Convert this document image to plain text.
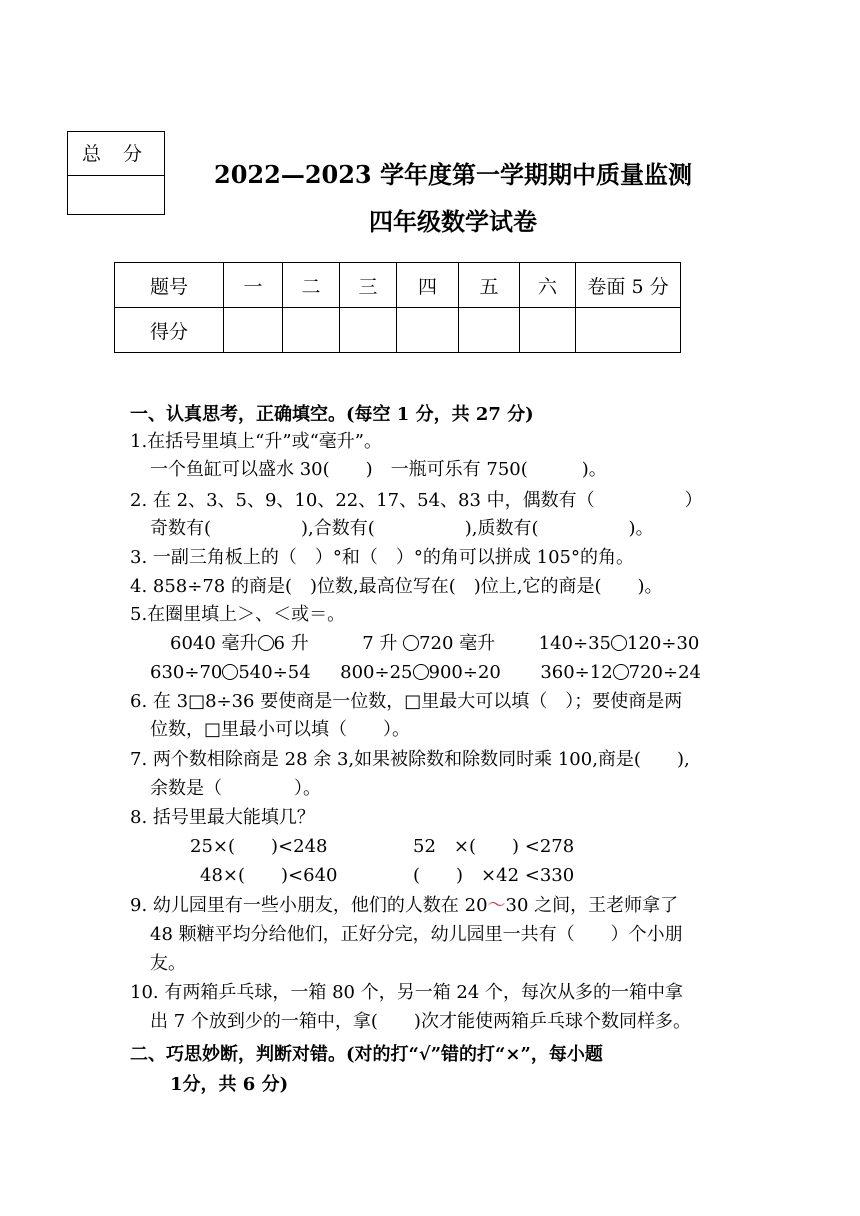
总 分
2022—2023 学年度第一学期期中质量监测
四年级数学试卷
题号	一	二	三	四	五	六	卷面 5 分
得分							
一、认真思考，正确填空。(每空 1 分，共 27 分)
1.在括号里填上“升”或“毫升”。
一个鱼缸可以盛水 30(　　)　一瓶可乐有 750(　　　)。
2. 在 2、3、5、9、10、22、17、54、83 中，偶数有（　　　　　）
奇数有(　　　　　),合数有(　　　　　),质数有(　　　　　)。
3. 一副三角板上的（　）°和（　）°的角可以拼成 105°的角。
4. 858÷78 的商是(　)位数,最高位写在(　)位上,它的商是(　　)。
5.在圈里填上＞、＜或＝。
6040 毫升 6 升	7 升 720 毫升 140÷35 120÷30
630÷70 540÷54 800÷25 900÷20 360÷12 720÷24
6. 在 3□8÷36 要使商是一位数，□里最大可以填（　）；要使商是两
位数，□里最小可以填（　　）。
7. 两个数相除商是 28 余 3,如果被除数和除数同时乘 100,商是(　　),
余数是（　　　　）。
8. 括号里最大能填几？
25×(　　)<248	52　×(　　) <278
48×(　　)<640	(　　)　×42 <330
9. 幼儿园里有一些小朋友，他们的人数在 20～30 之间，王老师拿了
48 颗糖平均分给他们，正好分完，幼儿园里一共有（　　）个小朋
友。
10. 有两箱乒乓球，一箱 80 个，另一箱 24 个，每次从多的一箱中拿
出 7 个放到少的一箱中，拿(　　)次才能使两箱乒乓球个数同样多。
二、巧思妙断，判断对错。(对的打“√”错的打“×”，每小题
1分，共 6 分)
